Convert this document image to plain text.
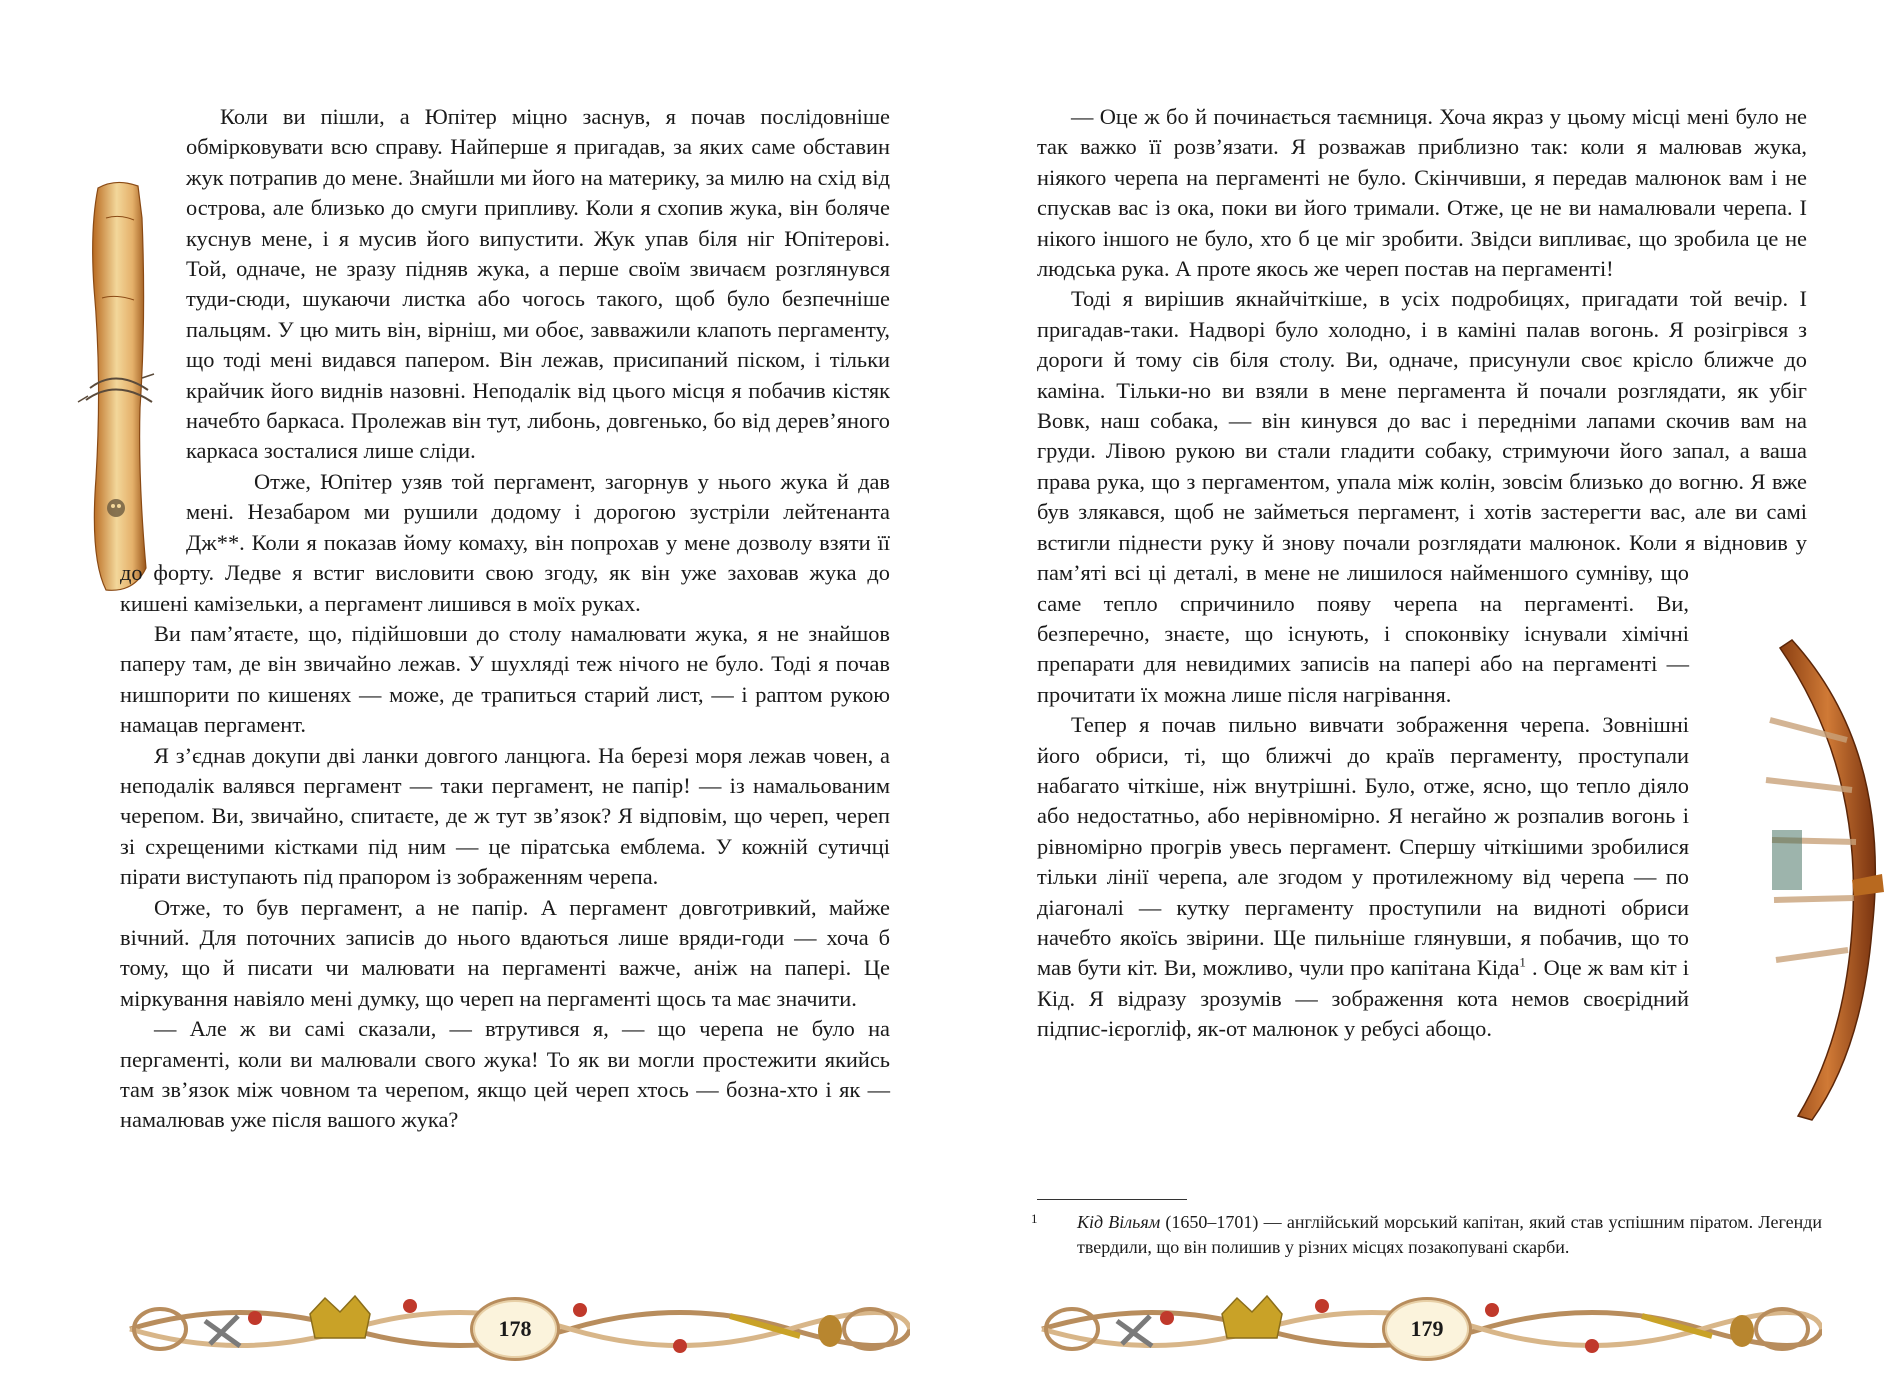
Коли ви пішли, а Юпітер міцно заснув, я почав послідовніше обмірковувати всю справу. Найперше я пригадав, за яких саме обставин жук потрапив до мене. Знайшли ми його на материку, за милю на схід від острова, але близько до смуги припливу. Коли я схопив жука, він боляче куснув мене, і я мусив його випустити. Жук упав біля ніг Юпітерові. Той, одначе, не зразу підняв жука, а перше своїм звичаєм розглянувся туди-сюди, шукаючи листка або чогось такого, щоб було безпечніше пальцям. У цю мить він, вірніш, ми обоє, завважили клапоть пергаменту, що тоді мені видався папером. Він лежав, присипаний піском, і тільки крайчик його виднів назовні. Неподалік від цього місця я побачив кістяк начебто баркаса. Пролежав він тут, либонь, довгенько, бо від дерев’яного каркаса зосталися лише сліди.

Отже, Юпітер узяв той пергамент, загорнув у нього жука й дав мені. Незабаром ми рушили додому і дорогою зустріли лейтенанта Дж**. Коли я показав йому комаху, він попрохав у мене дозволу взяти її до форту. Ледве я встиг висловити свою згоду, як він уже заховав жука до кишені камізельки, а пергамент лишився в моїх руках.

Ви пам’ятаєте, що, підійшовши до столу намалювати жука, я не знайшов паперу там, де він звичайно лежав. У шухляді теж нічого не було. Тоді я почав нишпорити по кишенях — може, де трапиться старий лист, — і раптом рукою намацав пергамент.

Я з’єднав докупи дві ланки довгого ланцюга. На березі моря лежав човен, а неподалік валявся пергамент — таки пергамент, не папір! — із намальованим черепом. Ви, звичайно, спитаєте, де ж тут зв’язок? Я відповім, що череп, череп зі схрещеними кістками під ним — це піратська емблема. У кожній сутичці пірати виступають під прапором із зображенням черепа.

Отже, то був пергамент, а не папір. А пергамент довготривкий, майже вічний. Для поточних записів до нього вдаються лише вряди-годи — хоча б тому, що й писати чи малювати на пергаменті важче, аніж на папері. Це міркування навіяло мені думку, що череп на пергаменті щось та має значити.

— Але ж ви самі сказали, — втрутився я, — що черепа не було на пергаменті, коли ви малювали свого жука! То як ви могли простежити якийсь там зв’язок між човном та черепом, якщо цей череп хтось — бозна-хто і як — намалював уже після вашого жука?

178

— Оце ж бо й починається таємниця. Хоча якраз у цьому місці мені було не так важко її розв’язати. Я розважав приблизно так: коли я малював жука, ніякого черепа на пергаменті не було. Скінчивши, я передав малюнок вам і не спускав вас із ока, поки ви його тримали. Отже, це не ви намалювали черепа. І нікого іншого не було, хто б це міг зробити. Звідси випливає, що зробила це не людська рука. А проте якось же череп постав на пергаменті!

Тоді я вирішив якнайчіткіше, в усіх подробицях, пригадати той вечір. І пригадав-таки. Надворі було холодно, і в каміні палав вогонь. Я розігрівся з дороги й тому сів біля столу. Ви, одначе, присунули своє крісло ближче до каміна. Тільки-но ви взяли в мене пергамента й почали розглядати, як убіг Вовк, наш собака, — він кинувся до вас і передніми лапами скочив вам на груди. Лівою рукою ви стали гладити собаку, стримуючи його запал, а ваша права рука, що з пергаментом, упала між колін, зовсім близько до вогню. Я вже був злякався, щоб не займеться пергамент, і хотів застерегти вас, але ви самі встигли піднести руку й знову почали розглядати малюнок. Коли я відновив у пам’яті всі ці деталі, в мене не лишилося найменшого сумніву, що саме тепло спричинило появу черепа на пергаменті. Ви, безперечно, знаєте, що існують, і споконвіку існували хімічні препарати для невидимих записів на папері або на пергаменті — прочитати їх можна лише після нагрівання.

Тепер я почав пильно вивчати зображення черепа. Зовнішні його обриси, ті, що ближчі до країв пергаменту, проступали набагато чіткіше, ніж внутрішні. Було, отже, ясно, що тепло діяло або недостатньо, або нерівномірно. Я негайно ж розпалив вогонь і рівномірно прогрів увесь пергамент. Спершу чіткішими зробилися тільки лінії черепа, але згодом у протилежному від черепа — по діагоналі — кутку пергаменту проступили на видноті обриси начебто якоїсь звірини. Ще пильніше глянувши, я побачив, що то мав бути кіт. Ви, можливо, чули про капітана Кіда$^1$ . Оце ж вам кіт і Кід. Я відразу зрозумів — зображення кота немов своєрідний підпис-ієрогліф, як-от малюнок у ребусі абощо.

1	Кід Вільям (1650–1701) — англійський морський капітан, який став успішним піратом. Легенди твердили, що він полишив у різних місцях позакопувані скарби.
179
